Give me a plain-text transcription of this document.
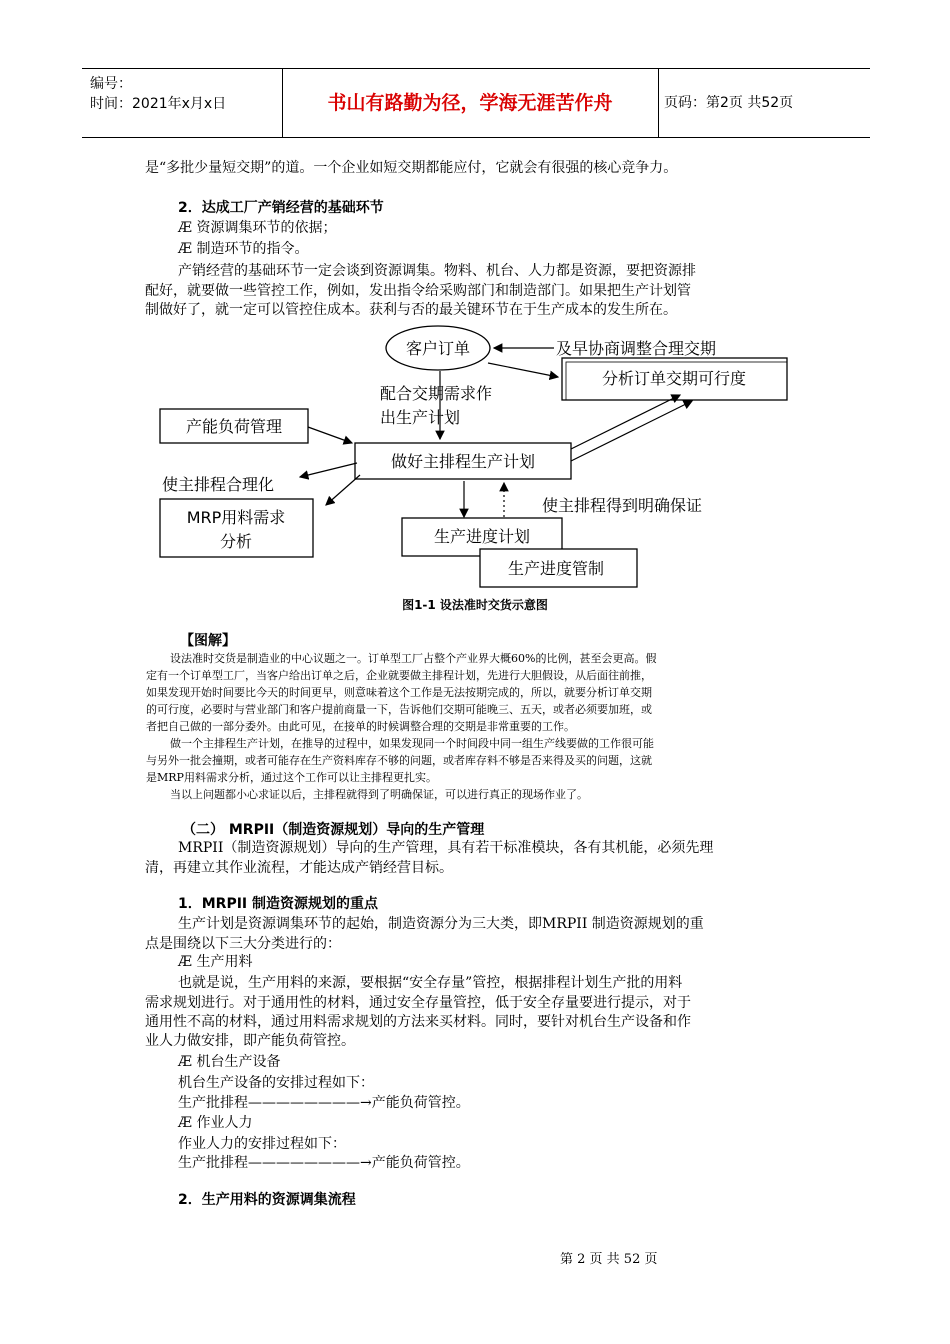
编号：
时间：2021年x月x日	书山有路勤为径，学海无涯苦作舟	页码：第2页 共52页
是“多批少量短交期”的道。一个企业如短交期都能应付，它就会有很强的核心竞争力。
2．达成工厂产销经营的基础环节
Æ 资源调集环节的依据；
Æ 制造环节的指令。
产销经营的基础环节一定会谈到资源调集。物料、机台、人力都是资源，要把资源排
配好，就要做一些管控工作，例如，发出指令给采购部门和制造部门。如果把生产计划管
制做好了，就一定可以管控住成本。获利与否的最关键环节在于生产成本的发生所在。
客户订单	及早协商调整合理交期
分析订单交期可行度
配合交期需求作
出生产计划
产能负荷管理
做好主排程生产计划
使主排程合理化
MRP用料需求
分析
使主排程得到明确保证
生产进度计划
生产进度管制
图1-1 设法准时交货示意图
【图解】
设法准时交货是制造业的中心议题之一。订单型工厂占整个产业界大概60%的比例，甚至会更高。假
定有一个订单型工厂，当客户给出订单之后，企业就要做主排程计划，先进行大胆假设，从后面往前推，
如果发现开始时间要比今天的时间更早，则意味着这个工作是无法按期完成的，所以，就要分析订单交期
的可行度，必要时与营业部门和客户提前商量一下，告诉他们交期可能晚三、五天，或者必须要加班，或
者把自己做的一部分委外。由此可见，在接单的时候调整合理的交期是非常重要的工作。
做一个主排程生产计划，在推导的过程中，如果发现同一个时间段中同一组生产线要做的工作很可能
与另外一批会撞期，或者可能存在生产资料库存不够的问题，或者库存料不够是否来得及买的问题，这就
是MRP用料需求分析，通过这个工作可以让主排程更扎实。
当以上问题都小心求证以后，主排程就得到了明确保证，可以进行真正的现场作业了。
（二） MRPII（制造资源规划）导向的生产管理
MRPII（制造资源规划）导向的生产管理，具有若干标准模块，各有其机能，必须先理
清，再建立其作业流程，才能达成产销经营目标。
1．MRPII 制造资源规划的重点
生产计划是资源调集环节的起始，制造资源分为三大类，即MRPII 制造资源规划的重
点是围绕以下三大分类进行的：
Æ 生产用料
也就是说，生产用料的来源，要根据“安全存量”管控，根据排程计划生产批的用料
需求规划进行。对于通用性的材料，通过安全存量管控，低于安全存量要进行提示，对于
通用性不高的材料，通过用料需求规划的方法来买材料。同时，要针对机台生产设备和作
业人力做安排，即产能负荷管控。
Æ 机台生产设备
机台生产设备的安排过程如下：
生产批排程————————→产能负荷管控。
Æ 作业人力
作业人力的安排过程如下：
生产批排程————————→产能负荷管控。
2．生产用料的资源调集流程
第 2 页 共 52 页
